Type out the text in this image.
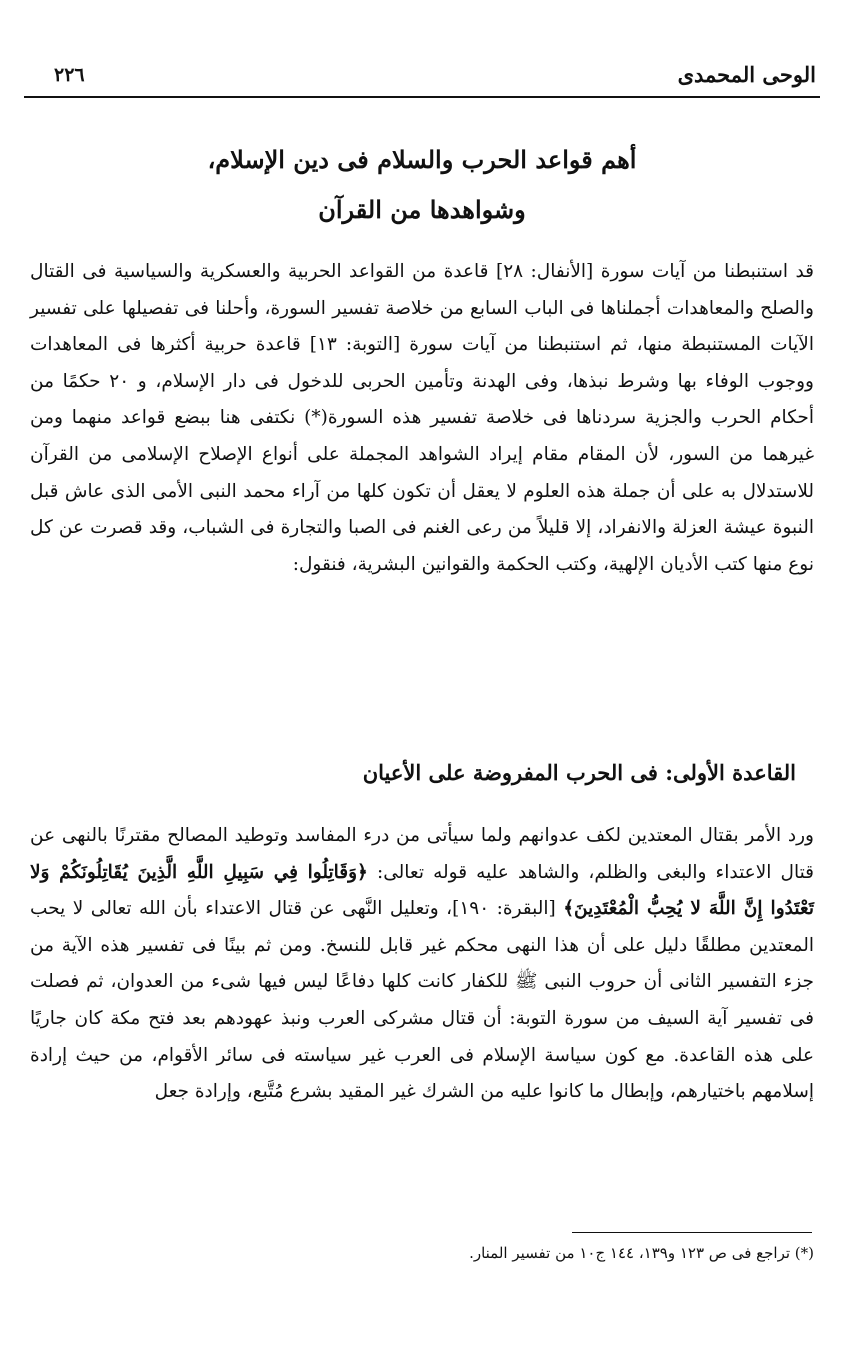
الوحى المحمدى
٢٢٦
أهم قواعد الحرب والسلام فى دين الإسلام،
وشواهدها من القرآن

قد استنبطنا من آيات سورة [الأنفال: ٢٨] قاعدة من القواعد الحربية والعسكرية والسياسية فى القتال والصلح والمعاهدات أجملناها فى الباب السابع من خلاصة تفسير السورة، وأحلنا فى تفصيلها على تفسير الآيات المستنبطة منها، ثم استنبطنا من آيات سورة [التوبة: ١٣] قاعدة حربية أكثرها فى المعاهدات ووجوب الوفاء بها وشرط نبذها، وفى الهدنة وتأمين الحربى للدخول فى دار الإسلام، و ٢٠ حكمًا من أحكام الحرب والجزية سردناها فى خلاصة تفسير هذه السورة(*) نكتفى هنا ببضع قواعد منهما ومن غيرهما من السور، لأن المقام مقام إيراد الشواهد المجملة على أنواع الإصلاح الإسلامى من القرآن للاستدلال به على أن جملة هذه العلوم لا يعقل أن تكون كلها من آراء محمد النبى الأمى الذى عاش قبل النبوة عيشة العزلة والانفراد، إلا قليلاً من رعى الغنم فى الصبا والتجارة فى الشباب، وقد قصرت عن كل نوع منها كتب الأديان الإلهية، وكتب الحكمة والقوانين البشرية، فنقول:

القاعدة الأولى: فى الحرب المفروضة على الأعيان

ورد الأمر بقتال المعتدين لكف عدوانهم ولما سيأتى من درء المفاسد وتوطيد المصالح مقترنًا بالنهى عن قتال الاعتداء والبغى والظلم، والشاهد عليه قوله تعالى: ﴿وَقَاتِلُوا فِي سَبِيلِ اللَّهِ الَّذِينَ يُقَاتِلُونَكُمْ وَلا تَعْتَدُوا إِنَّ اللَّهَ لا يُحِبُّ الْمُعْتَدِينَ﴾ [البقرة: ١٩٠]، وتعليل النَّهى عن قتال الاعتداء بأن الله تعالى لا يحب المعتدين مطلقًا دليل على أن هذا النهى محكم غير قابل للنسخ. ومن ثم بينًا فى تفسير هذه الآية من جزء التفسير الثانى أن حروب النبى ﷺ للكفار كانت كلها دفاعًا ليس فيها شىء من العدوان، ثم فصلت فى تفسير آية السيف من سورة التوبة: أن قتال مشركى العرب ونبذ عهودهم بعد فتح مكة كان جاريًا على هذه القاعدة. مع كون سياسة الإسلام فى العرب غير سياسته فى سائر الأقوام، من حيث إرادة إسلامهم باختيارهم، وإبطال ما كانوا عليه من الشرك غير المقيد بشرع مُتَّبع، وإرادة جعل

(*) تراجع فى ص ١٢٣ و١٣٩، ١٤٤ ج١٠ من تفسير المنار.
